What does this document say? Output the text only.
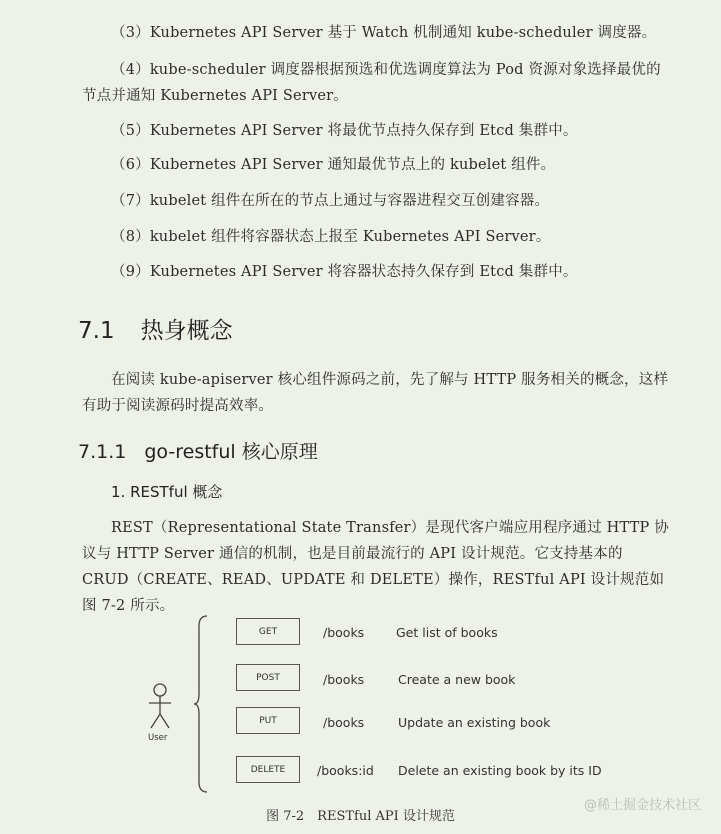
（3）Kubernetes API Server 基于 Watch 机制通知 kube-scheduler 调度器。
（4）kube-scheduler 调度器根据预选和优选调度算法为 Pod 资源对象选择最优的节点并通知 Kubernetes API Server。
（5）Kubernetes API Server 将最优节点持久保存到 Etcd 集群中。
（6）Kubernetes API Server 通知最优节点上的 kubelet 组件。
（7）kubelet 组件在所在的节点上通过与容器进程交互创建容器。
（8）kubelet 组件将容器状态上报至 Kubernetes API Server。
（9）Kubernetes API Server 将容器状态持久保存到 Etcd 集群中。
7.1 热身概念
在阅读 kube-apiserver 核心组件源码之前，先了解与 HTTP 服务相关的概念，这样有助于阅读源码时提高效率。
7.1.1 go-restful 核心原理
1. RESTful 概念
REST（Representational State Transfer）是现代客户端应用程序通过 HTTP 协议与 HTTP Server 通信的机制，也是目前最流行的 API 设计规范。它支持基本的 CRUD（CREATE、READ、UPDATE 和 DELETE）操作，RESTful API 设计规范如图 7-2 所示。
User
GET	/books	Get list of books
POST	/books	Create a new book
PUT	/books	Update an existing book
DELETE	/books:id Delete an existing book by its ID
@稀土掘金技术社区
图 7-2　RESTful API 设计规范
